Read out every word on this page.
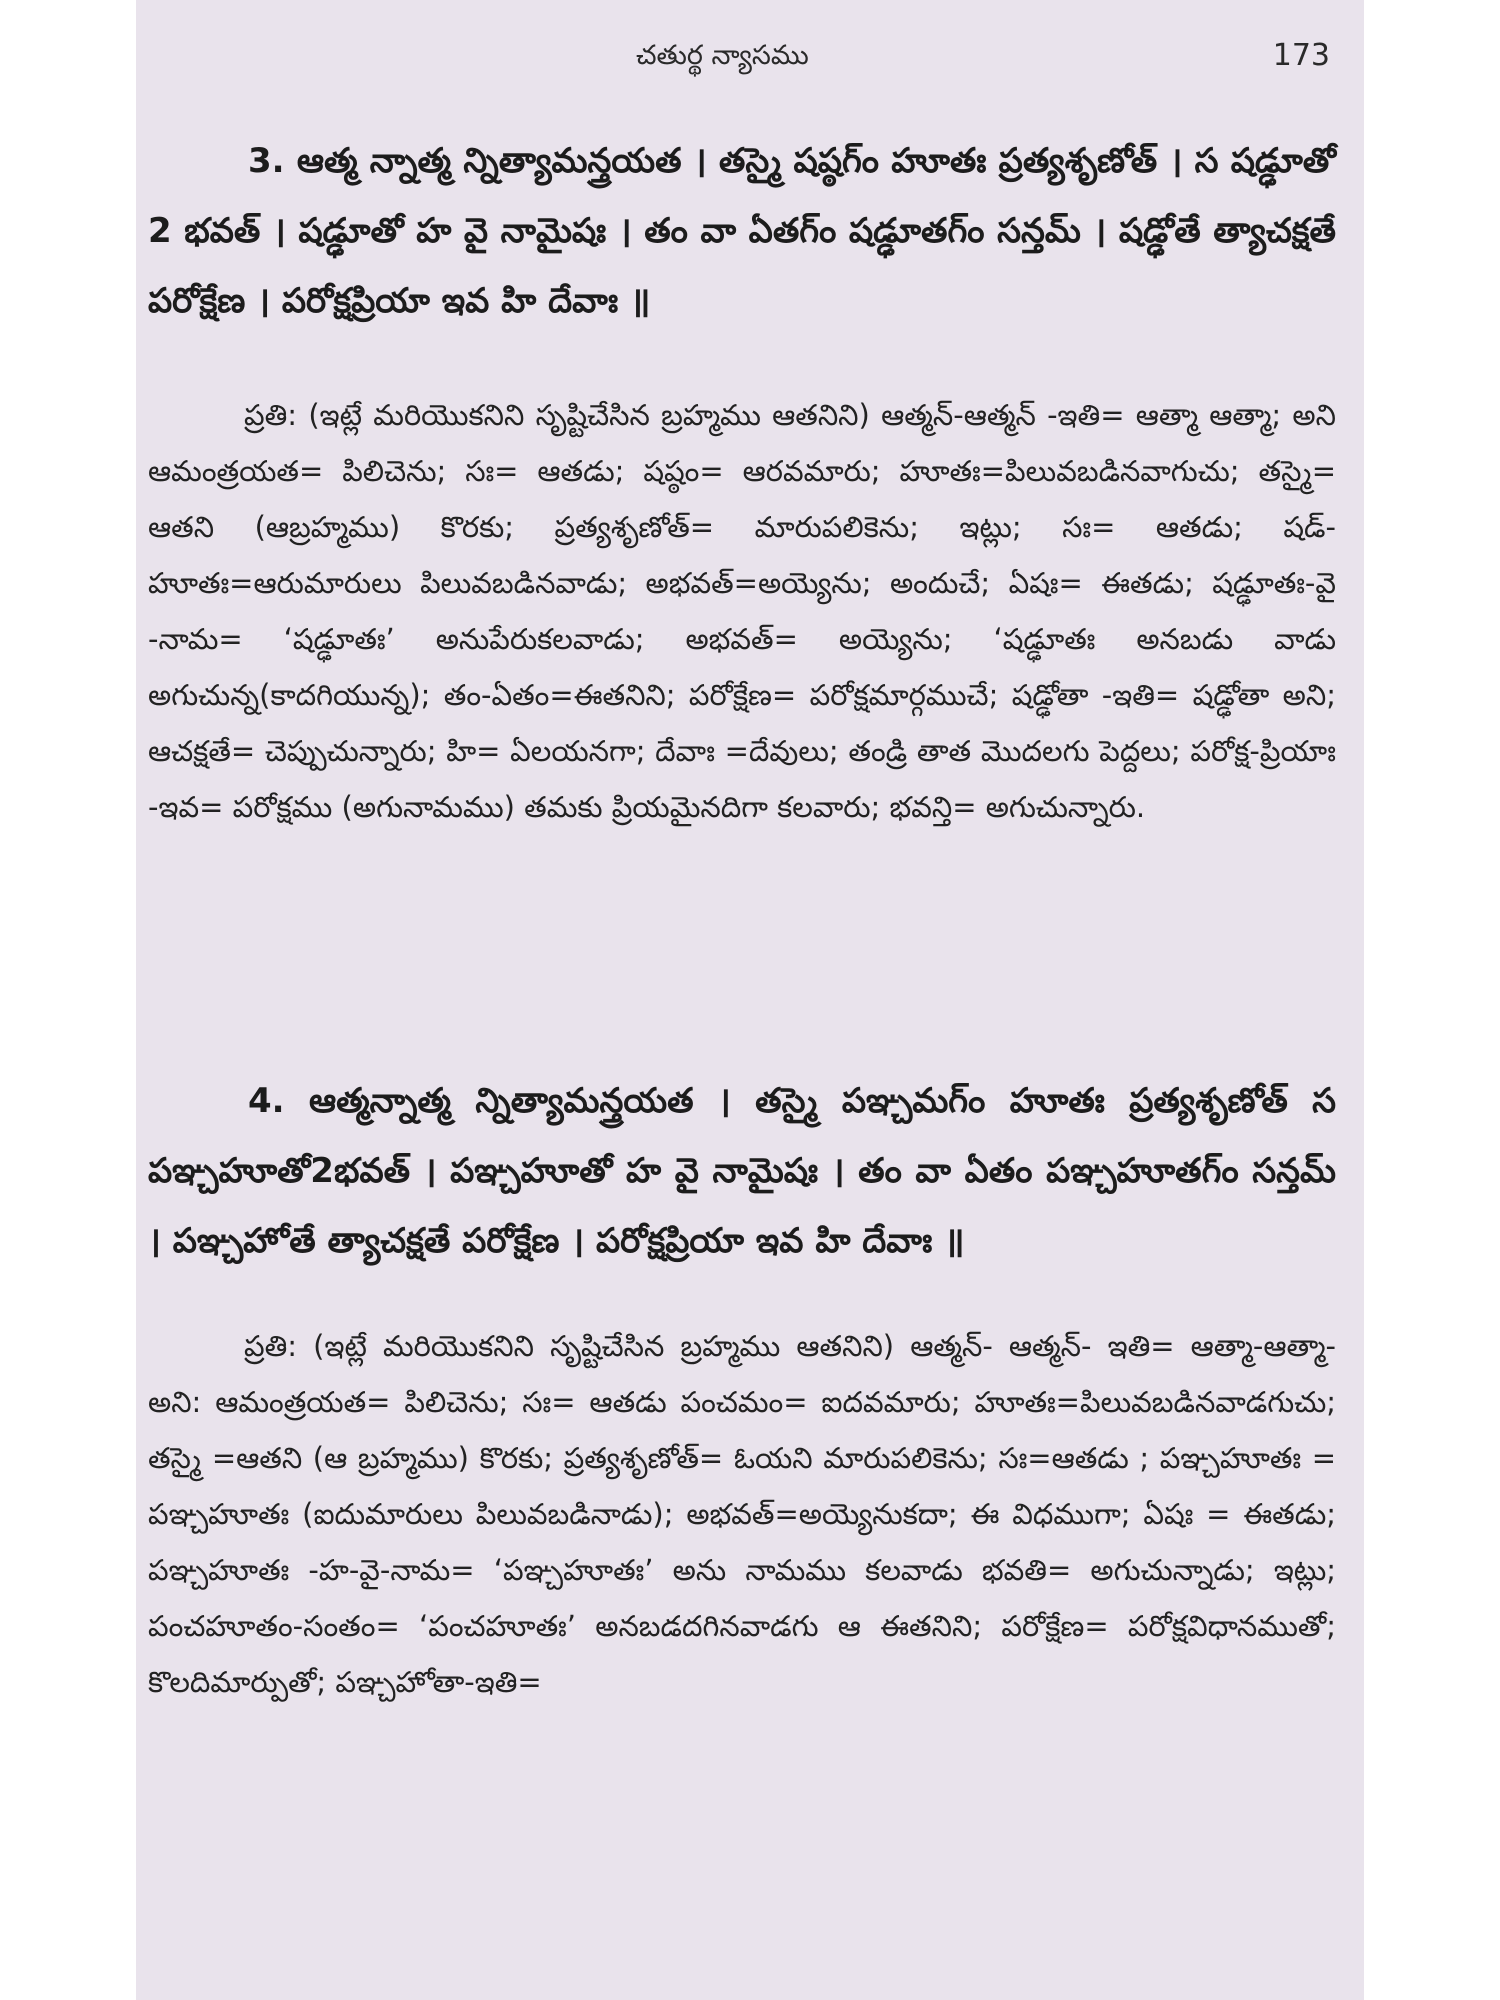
చతుర్థ న్యాసము	173

3. ఆత్మ న్నాత్మ న్నిత్యామన్త్రయత । తస్మై షష్ఠగ్ం హూతః ప్రత్యశృణోత్ । స షడ్ఢూతో 2 భవత్ । షడ్ఢూతో హ వై నామైషః । తం వా ఏతగ్ం షడ్ఢూతగ్ం సన్తమ్ । షడ్ఢోతే త్యాచక్షతే పరోక్షేణ । పరోక్షప్రియా ఇవ హి దేవాః ॥

ప్రతి: (ఇట్లే మరియొకనిని సృష్టిచేసిన బ్రహ్మము ఆతనిని) ఆత్మన్-ఆత్మన్ -ఇతి= ఆత్మా ఆత్మా; అని ఆమంత్రయత= పిలిచెను; సః= ఆతడు; షష్ఠం= ఆరవమారు; హూతః=పిలువబడినవాగుచు; తస్మై= ఆతని (ఆబ్రహ్మము) కొరకు; ప్రత్యశృణోత్= మారుపలికెను; ఇట్లు; సః= ఆతడు; షడ్-హూతః=ఆరుమారులు పిలువబడినవాడు; అభవత్=అయ్యెను; అందుచే; ఏషః= ఈతడు; షడ్ఢూతః-వై -నామ= ‘షడ్ఢూతః’ అనుపేరుకలవాడు; అభవత్= అయ్యెను; ‘షడ్ఢూతః అనబడు వాడు అగుచున్న(కాదగియున్న); తం-ఏతం=ఈతనిని; పరోక్షేణ= పరోక్షమార్గముచే; షడ్ఢోతా -ఇతి= షడ్ఢోతా అని; ఆచక్షతే= చెప్పుచున్నారు; హి= ఏలయనగా; దేవాః =దేవులు; తండ్రి తాత మొదలగు పెద్దలు; పరోక్ష-ప్రియాః -ఇవ= పరోక్షము (అగునామము) తమకు ప్రియమైనదిగా కలవారు; భవన్తి= అగుచున్నారు.

4. ఆత్మన్నాత్మ న్నిత్యామన్త్రయత । తస్మై పఞ్చమగ్ం హూతః ప్రత్యశృణోత్ స పఞ్చహూతో2భవత్ । పఞ్చహూతో హ వై నామైషః । తం వా ఏతం పఞ్చహూతగ్ం సన్తమ్ । పఞ్చహోతే త్యాచక్షతే పరోక్షేణ । పరోక్షప్రియా ఇవ హి దేవాః ॥

ప్రతి: (ఇట్లే మరియొకనిని సృష్టిచేసిన బ్రహ్మము ఆతనిని) ఆత్మన్- ఆత్మన్- ఇతి= ఆత్మా-ఆత్మా- అని: ఆమంత్రయత= పిలిచెను; సః= ఆతడు పంచమం= ఐదవమారు; హూతః=పిలువబడినవాడగుచు; తస్మై =ఆతని (ఆ బ్రహ్మము) కొరకు; ప్రత్యశృణోత్= ఓయని మారుపలికెను; సః=ఆతడు ; పఞ్చహూతః = పఞ్చహూతః (ఐదుమారులు పిలువబడినాడు); అభవత్=అయ్యెనుకదా; ఈ విధముగా; ఏషః = ఈతడు; పఞ్చహూతః -హ-వై-నామ= ‘పఞ్చహూతః’ అను నామము కలవాడు భవతి= అగుచున్నాడు; ఇట్లు; పంచహూతం-సంతం= ‘పంచహూతః’ అనబడదగినవాడగు ఆ ఈతనిని; పరోక్షేణ= పరోక్షవిధానముతో; కొలదిమార్పుతో; పఞ్చహోతా-ఇతి=
